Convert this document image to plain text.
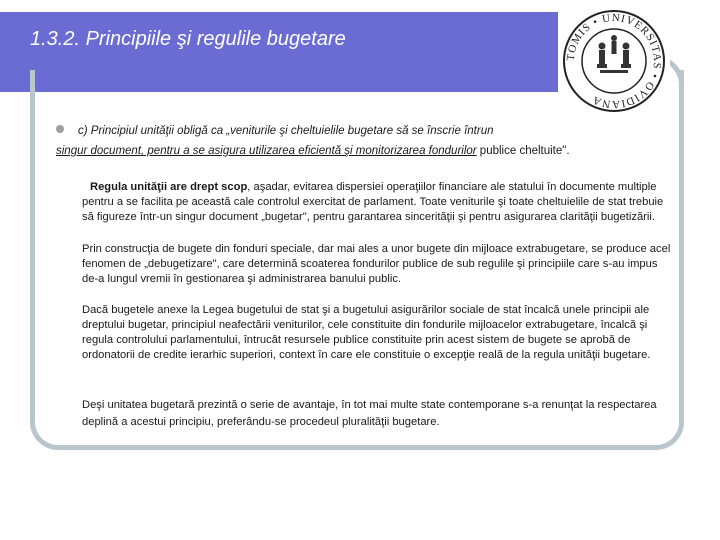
1.3.2. Principiile şi regulile bugetare
TOMIS • UNIVERSITAS • OVIDIANA
c) Principiul unităţii obligă ca „veniturile şi cheltuielile bugetare să se înscrie întrun
singur document, pentru a se asigura utilizarea eficientă şi monitorizarea fondurilor publice cheltuite".
Regula unităţii are drept scop, aşadar, evitarea dispersiei operaţiilor financiare ale statului în documente multiple pentru a se facilita pe această cale controlul exercitat de parlament. Toate veniturile şi toate cheltuielile de stat trebuie să figureze într-un singur document „bugetar", pentru garantarea sincerităţii şi pentru asigurarea clarităţii bugetizării.
Prin construcţia de bugete din fonduri speciale, dar mai ales a unor bugete din mijloace extrabugetare, se produce acel fenomen de „debugetizare", care determină scoaterea fondurilor publice de sub regulile şi principiile care s-au impus de-a lungul vremii în gestionarea şi administrarea banului public.
Dacă bugetele anexe la Legea bugetului de stat şi a bugetului asigurărilor sociale de stat încalcă unele principii ale dreptului bugetar, principiul neafectării veniturilor, cele constituite din fondurile mijloacelor extrabugetare, încalcă şi regula controlului parlamentului, întrucât resursele publice constituite prin acest sistem de bugete se aprobă de ordonatorii de credite ierarhic superiori, context în care ele constituie o excepţie reală de la regula unităţii bugetare.
Deşi unitatea bugetară prezintă o serie de avantaje, în tot mai multe state contemporane s-a renunţat la respectarea deplină a acestui principiu, preferându-se procedeul pluralităţii bugetare.
